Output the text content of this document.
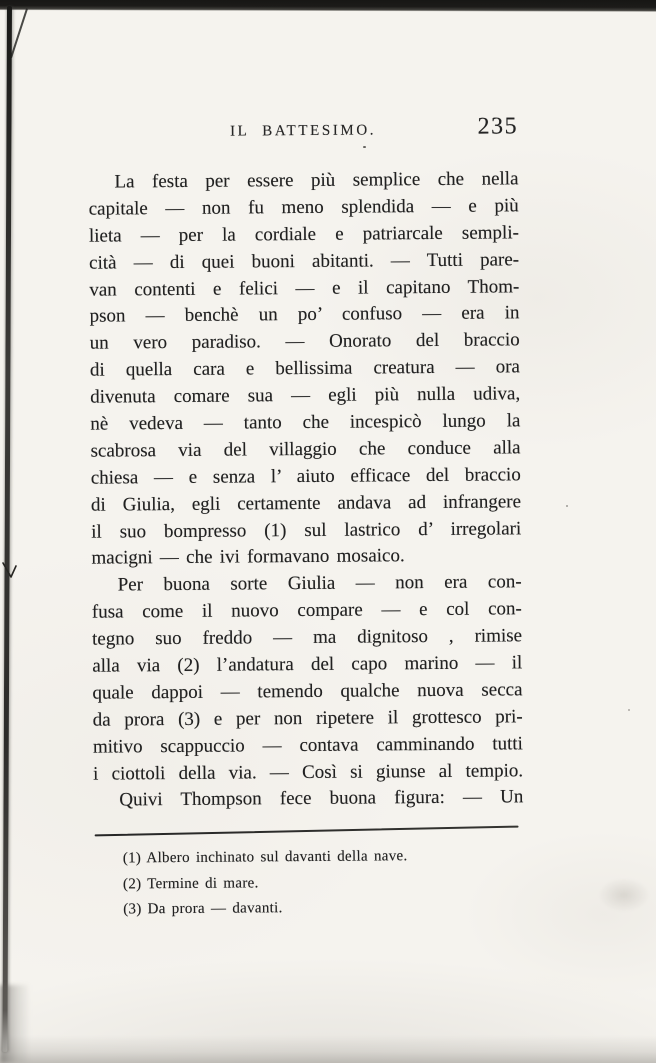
IL BATTESIMO.	235
La festa per essere più semplice che nella
capitale — non fu meno splendida — e più
lieta — per la cordiale e patriarcale sempli-
cità — di quei buoni abitanti. — Tutti pare-
van contenti e felici — e il capitano Thom-
pson — benchè un po’ confuso — era in
un vero paradiso. — Onorato del braccio
di quella cara e bellissima creatura — ora
divenuta comare sua — egli più nulla udiva,
nè vedeva — tanto che incespicò lungo la
scabrosa via del villaggio che conduce alla
chiesa — e senza l’ aiuto efficace del braccio
di Giulia, egli certamente andava ad infrangere
il suo bompresso (1) sul lastrico d’ irregolari
macigni — che ivi formavano mosaico.
Per buona sorte Giulia — non era con-
fusa come il nuovo compare — e col con-
tegno suo freddo — ma dignitoso , rimise
alla via (2) l’andatura del capo marino — il
quale dappoi — temendo qualche nuova secca
da prora (3) e per non ripetere il grottesco pri-
mitivo scappuccio — contava camminando tutti
i ciottoli della via. — Così si giunse al tempio.
Quivi Thompson fece buona figura: — Un
(1) Albero inchinato sul davanti della nave.
(2) Termine di mare.
(3) Da prora — davanti.
